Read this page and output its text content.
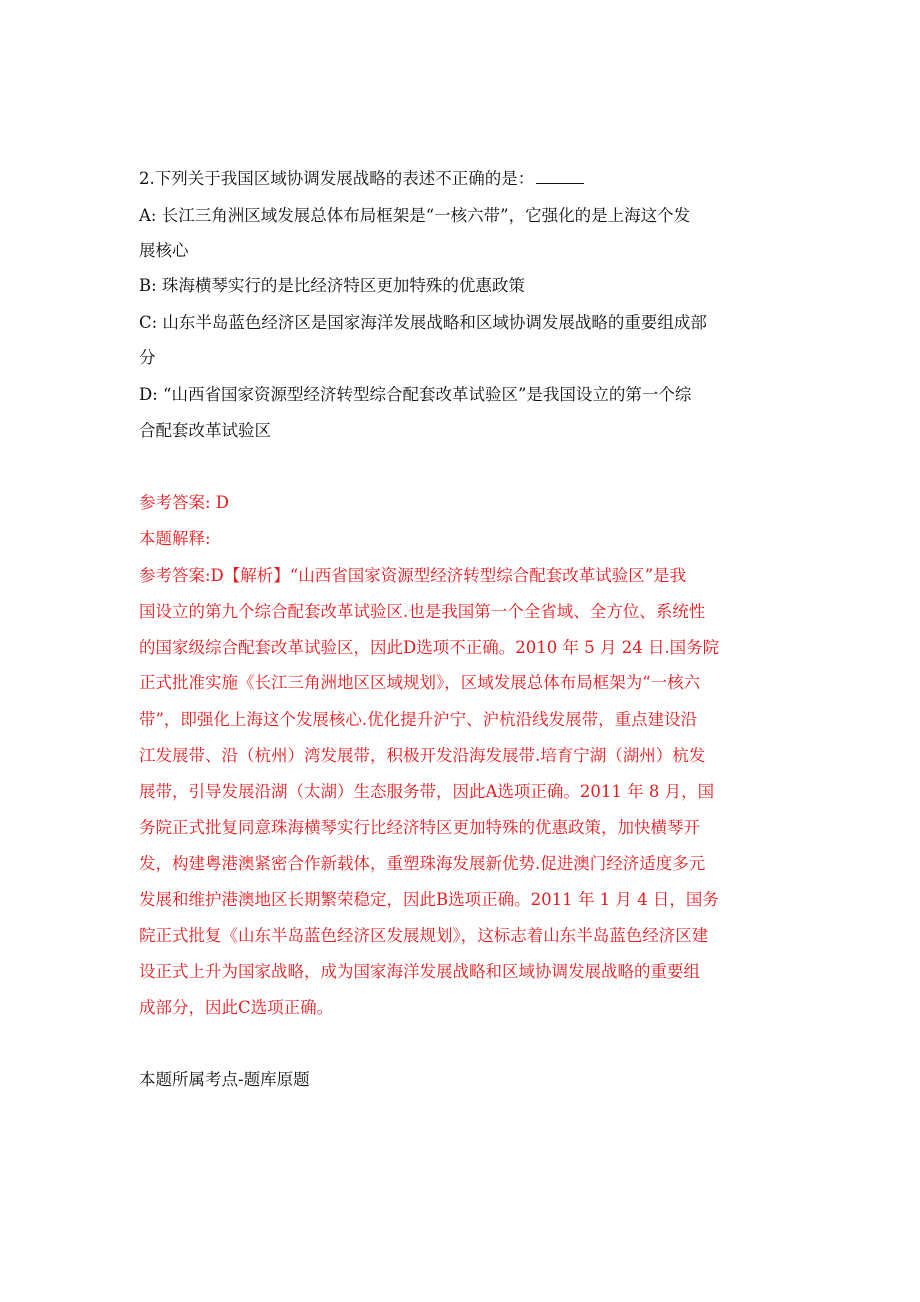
2.下列关于我国区域协调发展战略的表述不正确的是：
A: 长江三角洲区域发展总体布局框架是“一核六带”，它强化的是上海这个发
展核心
B: 珠海横琴实行的是比经济特区更加特殊的优惠政策
C: 山东半岛蓝色经济区是国家海洋发展战略和区域协调发展战略的重要组成部
分
D: “山西省国家资源型经济转型综合配套改革试验区”是我国设立的第一个综
合配套改革试验区
参考答案: D
本题解释:
参考答案:D【解析】“山西省国家资源型经济转型综合配套改革试验区”是我
国设立的第九个综合配套改革试验区.也是我国第一个全省域、全方位、系统性
的国家级综合配套改革试验区，因此D选项不正确。2010 年 5 月 24 日.国务院
正式批准实施《长江三角洲地区区域规划》，区域发展总体布局框架为“一核六
带”，即强化上海这个发展核心.优化提升沪宁、沪杭沿线发展带，重点建设沿
江发展带、沿（杭州）湾发展带，积极开发沿海发展带.培育宁湖（湖州）杭发
展带，引导发展沿湖（太湖）生态服务带，因此A选项正确。2011 年 8 月，国
务院正式批复同意珠海横琴实行比经济特区更加特殊的优惠政策，加快横琴开
发，构建粤港澳紧密合作新载体，重塑珠海发展新优势.促进澳门经济适度多元
发展和维护港澳地区长期繁荣稳定，因此B选项正确。2011 年 1 月 4 日，国务
院正式批复《山东半岛蓝色经济区发展规划》，这标志着山东半岛蓝色经济区建
设正式上升为国家战略，成为国家海洋发展战略和区域协调发展战略的重要组
成部分，因此C选项正确。
本题所属考点-题库原题
